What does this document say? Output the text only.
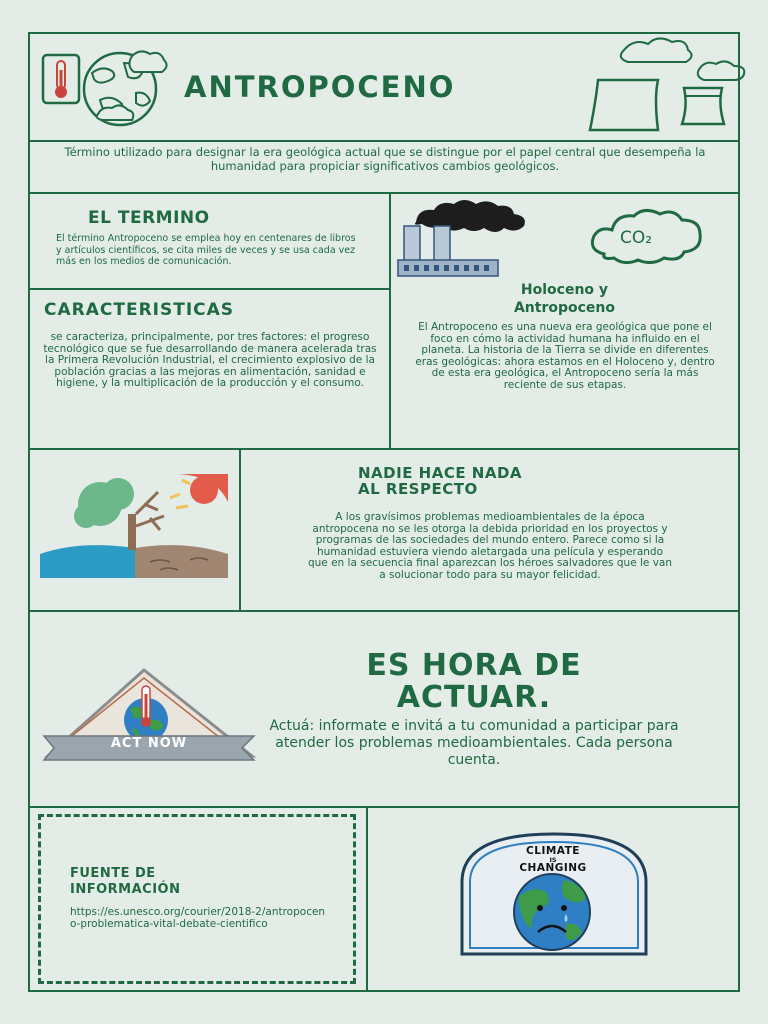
ANTROPOCENO
Término utilizado para designar la era geológica actual que se distingue por el papel central que desempeña la humanidad para propiciar significativos cambios geológicos.
EL TERMINO
El término Antropoceno se emplea hoy en centenares de libros y artículos científicos, se cita miles de veces y se usa cada vez más en los medios de comunicación.
CARACTERISTICAS
se caracteriza, principalmente, por tres factores: el progreso tecnológico que se fue desarrollando de manera acelerada tras la Primera Revolución Industrial, el crecimiento explosivo de la población gracias a las mejoras en alimentación, sanidad e higiene, y la multiplicación de la producción y el consumo.
CO₂
Holoceno y
Antropoceno
El Antropoceno es una nueva era geológica que pone el foco en cómo la actividad humana ha influido en el planeta. La historia de la Tierra se divide en diferentes eras geológicas: ahora estamos en el Holoceno y, dentro de esta era geológica, el Antropoceno sería la más reciente de sus etapas.
NADIE HACE NADA
AL RESPECTO
A los gravísimos problemas medioambientales de la época antropocena no se les otorga la debida prioridad en los proyectos y programas de las sociedades del mundo entero. Parece como si la humanidad estuviera viendo aletargada una película y esperando que en la secuencia final aparezcan los héroes salvadores que le van a solucionar todo para su mayor felicidad.
ACT NOW
ES HORA DE
ACTUAR.
Actuá: informate e invitá a tu comunidad a participar para atender los problemas medioambientales. Cada persona cuenta.
FUENTE DE
INFORMACIÓN
https://es.unesco.org/courier/2018-2/antropoceno-problematica-vital-debate-cientifico
CLIMATE
IS
CHANGING
